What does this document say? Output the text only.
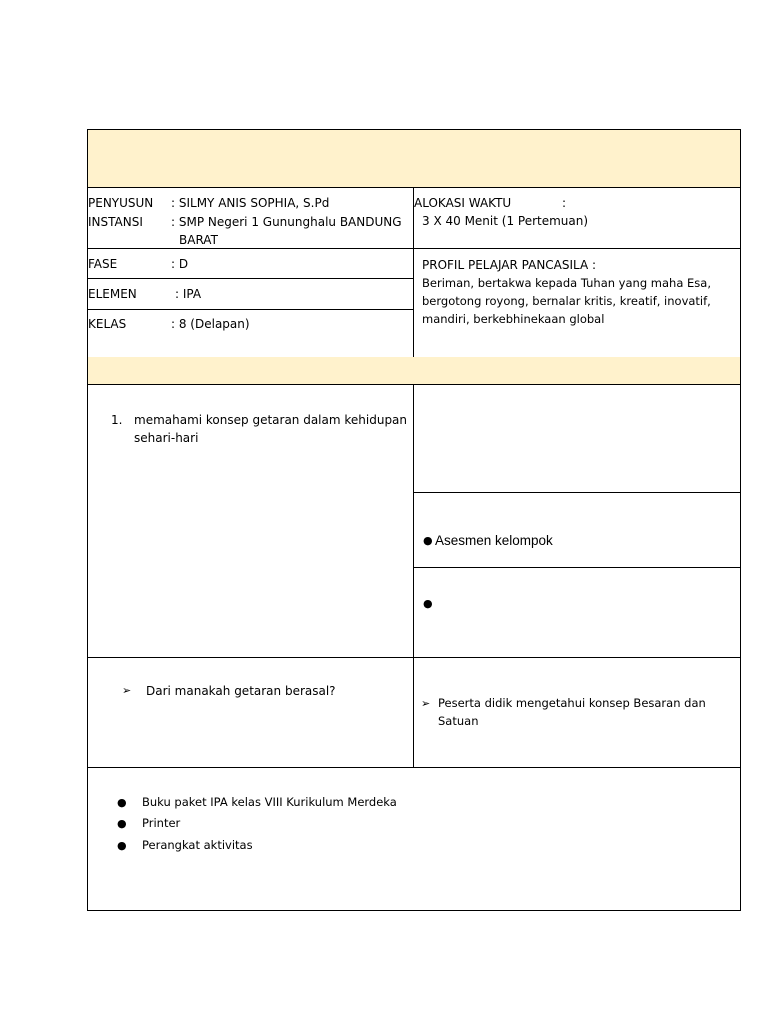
PENYUSUN : SILMY ANIS SOPHIA, S.Pd
INSTANSI : SMP Negeri 1 Gununghalu BANDUNG
BARAT
ALOKASI WAKTU	:
3 X 40 Menit (1 Pertemuan)
FASE	: D
ELEMEN	: IPA
KELAS	: 8 (Delapan)
PROFIL PELAJAR PANCASILA :
Beriman, bertakwa kepada Tuhan yang maha Esa,
bergotong royong, bernalar kritis, kreatif, inovatif,
mandiri, berkebhinekaan global
1. memahami konsep getaran dalam kehidupan
sehari-hari
● Asesmen kelompok
●
➢ Dari manakah getaran berasal?
➢ Peserta didik mengetahui konsep Besaran dan
Satuan
● Buku paket IPA kelas VIII Kurikulum Merdeka
● Printer
● Perangkat aktivitas
